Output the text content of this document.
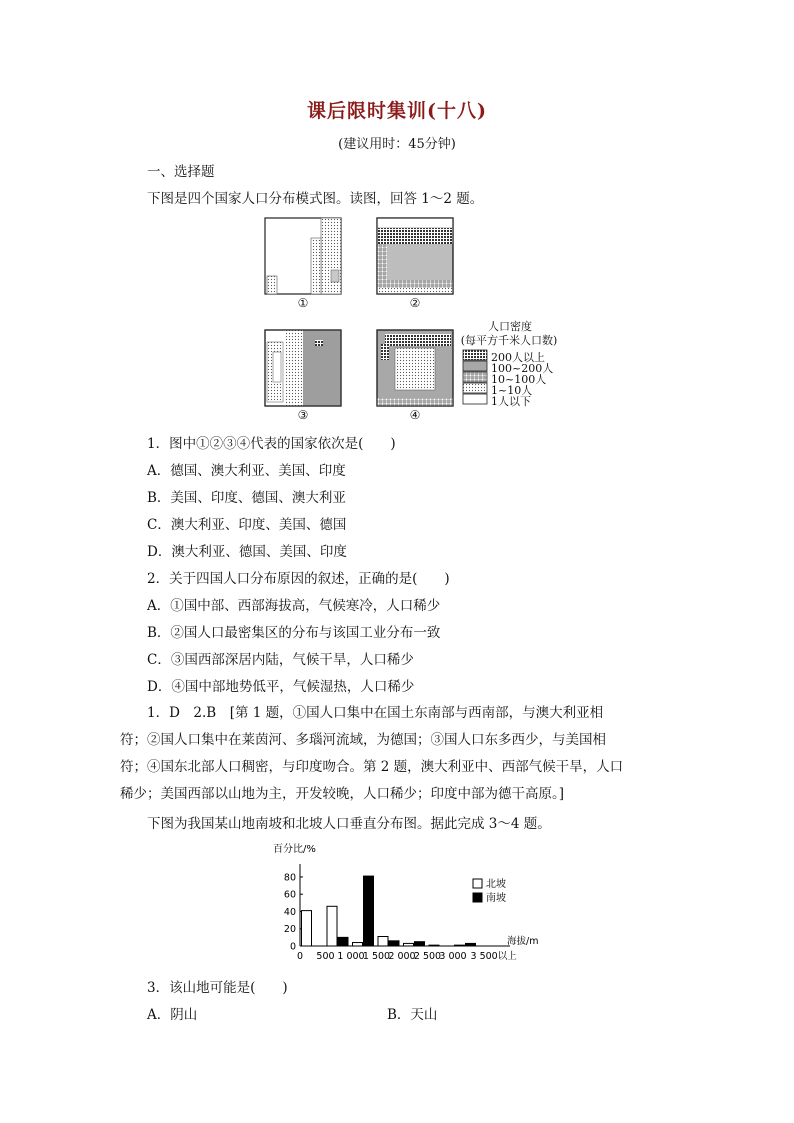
课后限时集训(十八)
(建议用时：45分钟)
一、选择题
下图是四个国家人口分布模式图。读图，回答 1～2 题。
①	②
③	④
人口密度
(每平方千米人口数)
200人以上
100~200人
10~100人
1~10人
1人以下
1．图中①②③④代表的国家依次是(　　)
A．德国、澳大利亚、美国、印度
B．美国、印度、德国、澳大利亚
C．澳大利亚、印度、美国、德国
D．澳大利亚、德国、美国、印度
2．关于四国人口分布原因的叙述，正确的是(　　)
A．①国中部、西部海拔高，气候寒冷，人口稀少
B．②国人口最密集区的分布与该国工业分布一致
C．③国西部深居内陆，气候干旱，人口稀少
D．④国中部地势低平，气候湿热，人口稀少
1．D　2.B　[第 1 题，①国人口集中在国土东南部与西南部，与澳大利亚相符；②国人口集中在莱茵河、多瑙河流域，为德国；③国人口东多西少，与美国相符；④国东北部人口稠密，与印度吻合。第 2 题，澳大利亚中、西部气候干旱，人口稀少；美国西部以山地为主，开发较晚，人口稀少；印度中部为德干高原。]
下图为我国某山地南坡和北坡人口垂直分布图。据此完成 3～4 题。
百分比/%
0
20
40
60
80
0 500 1 000
1 500
2 000
2 500
3 000 3 500以上
海拔/m
北坡
南坡
3．该山地可能是(　　)
A．阴山	B．天山
